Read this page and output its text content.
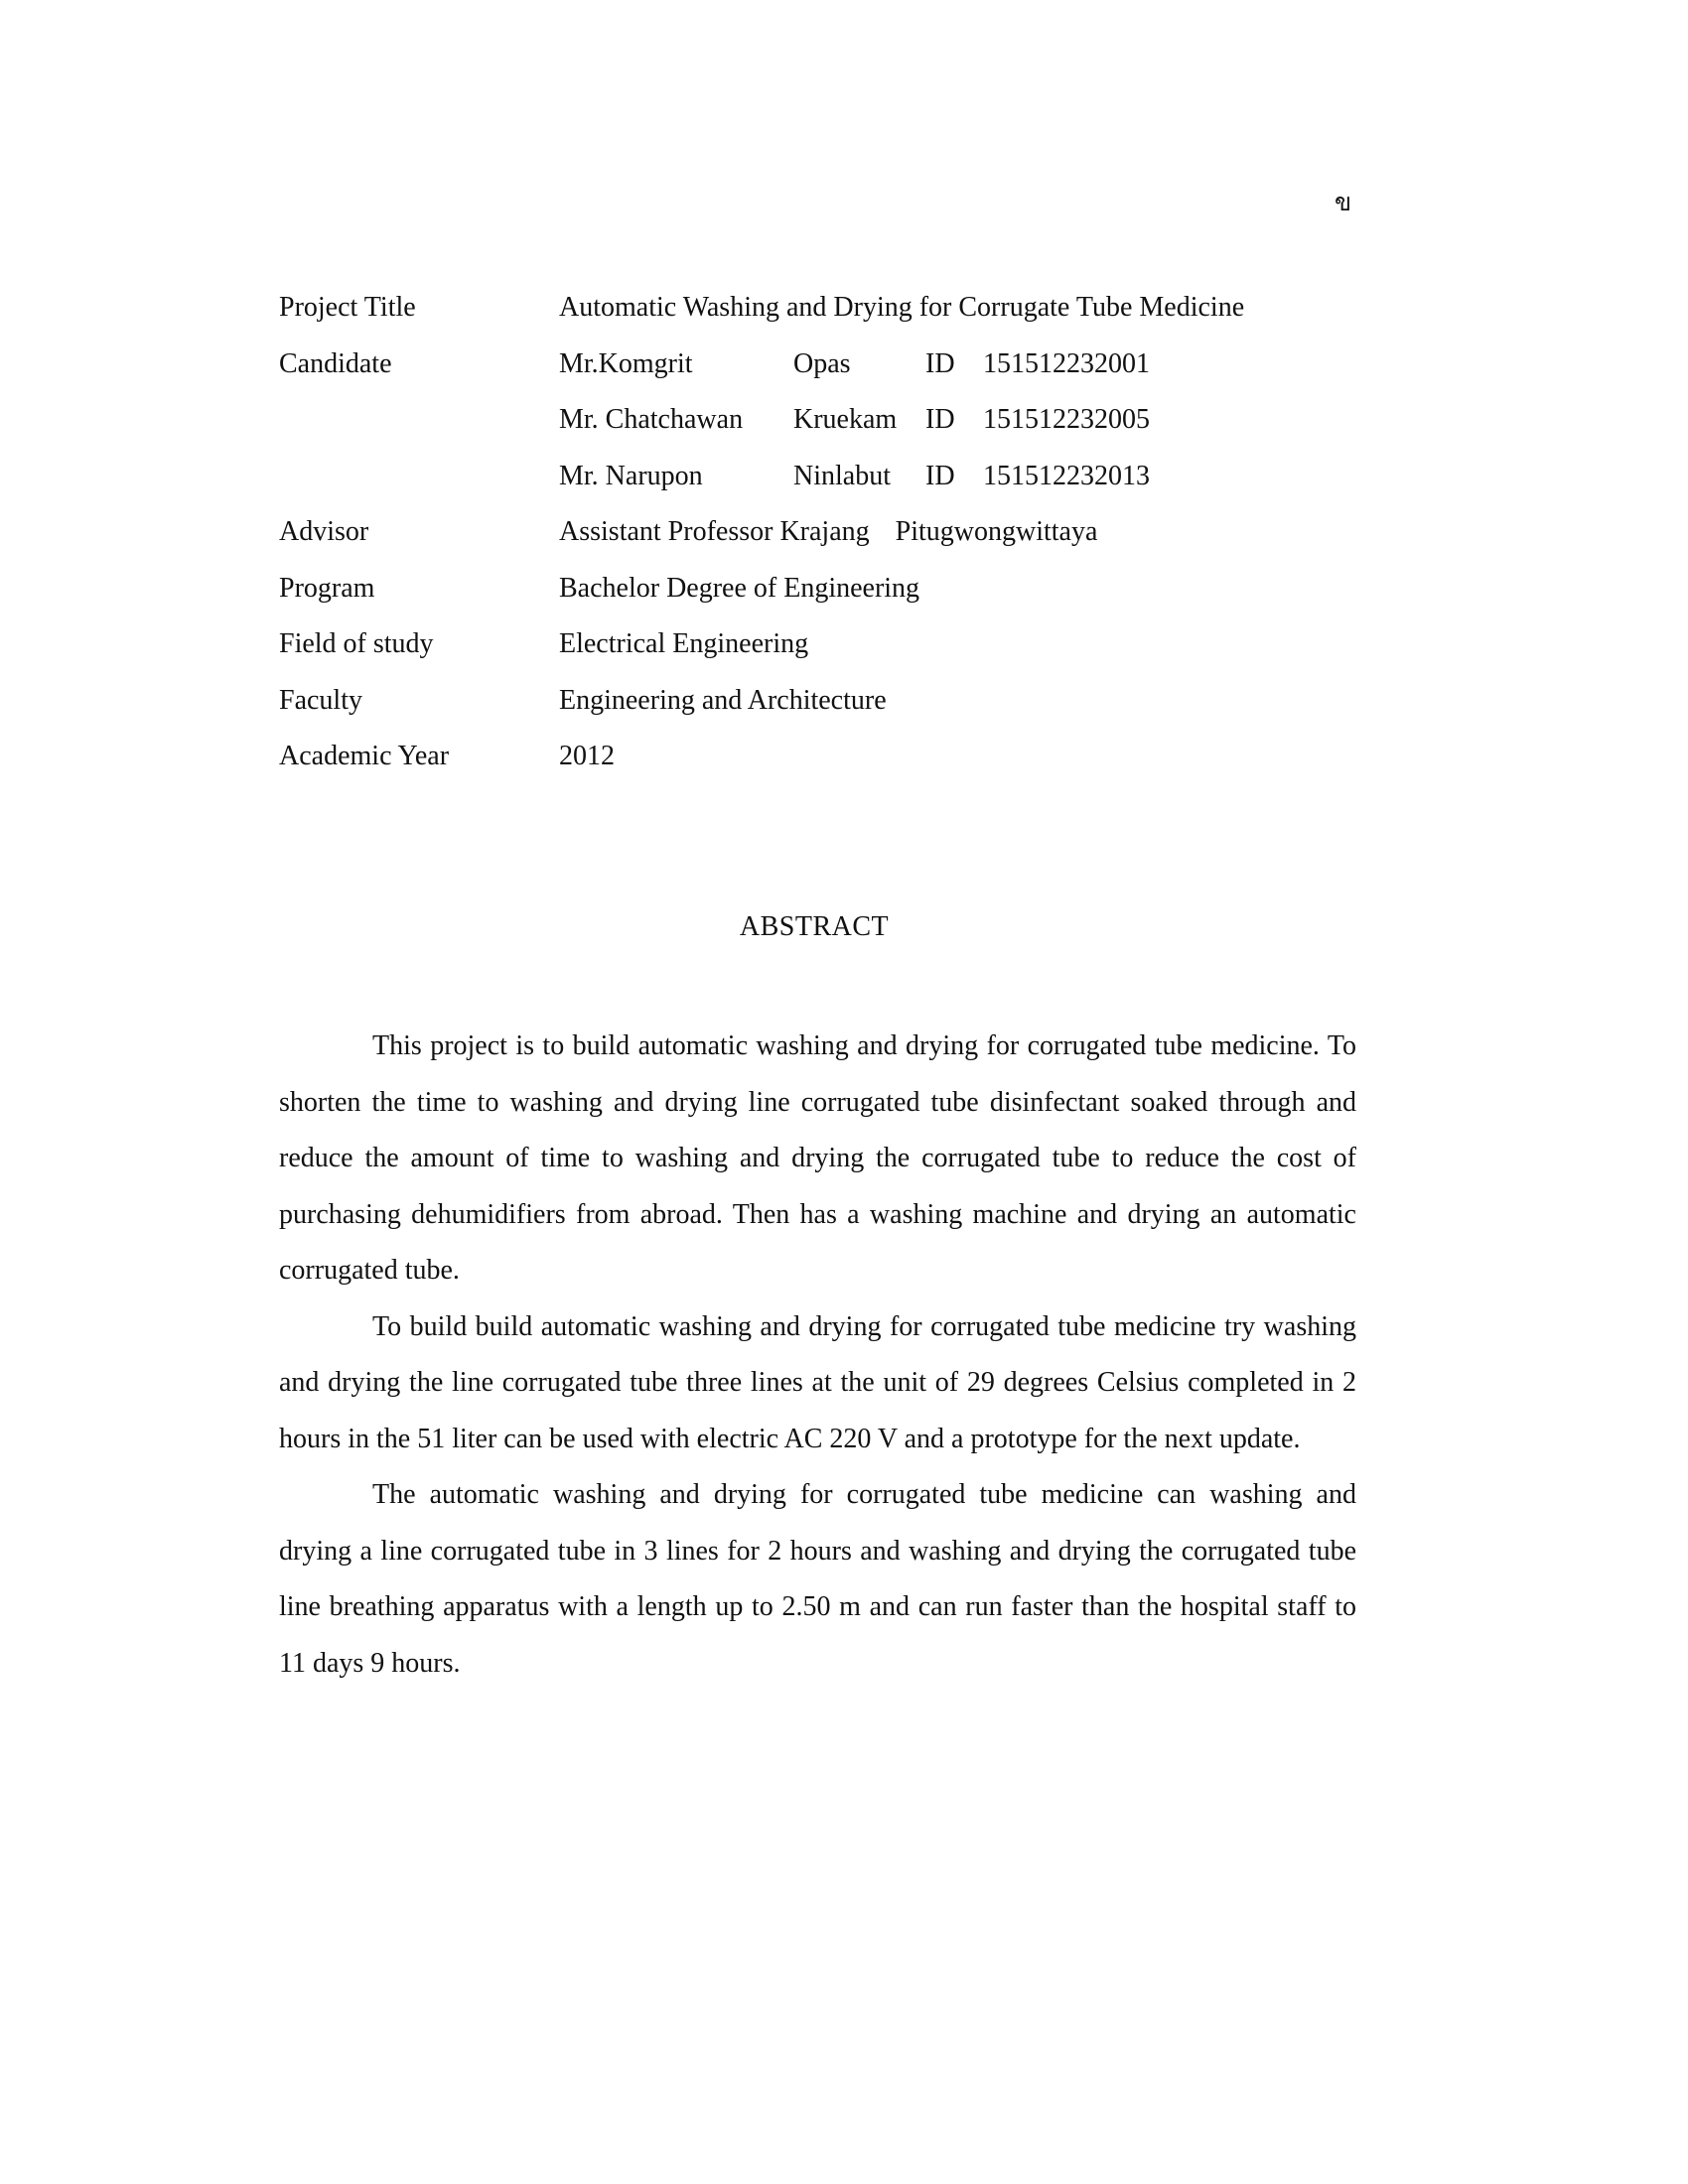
ข
Project Title	Automatic Washing and Drying for Corrugate Tube Medicine
Candidate	Mr.Komgrit	Opas	ID	151512232001
Mr. Chatchawan	Kruekam	ID	151512232005
Mr. Narupon	Ninlabut	ID	151512232013
Advisor	Assistant Professor Krajang Pitugwongwittaya
Program	Bachelor Degree of Engineering
Field of study	Electrical Engineering
Faculty	Engineering and Architecture
Academic Year	2012
ABSTRACT

This project is to build automatic washing and drying for corrugated tube medicine. To shorten the time to washing and drying line corrugated tube disinfectant soaked through and reduce the amount of time to washing and drying the corrugated tube to reduce the cost of purchasing dehumidifiers from abroad. Then has a washing machine and drying an automatic corrugated tube.

To build build automatic washing and drying for corrugated tube medicine try washing and drying the line corrugated tube three lines at the unit of 29 degrees Celsius completed in 2 hours in the 51 liter can be used with electric AC 220 V and a prototype for the next update.

The automatic washing and drying for corrugated tube medicine can washing and drying a line corrugated tube in 3 lines for 2 hours and washing and drying the corrugated tube line breathing apparatus with a length up to 2.50 m and can run faster than the hospital staff to 11 days 9 hours.
